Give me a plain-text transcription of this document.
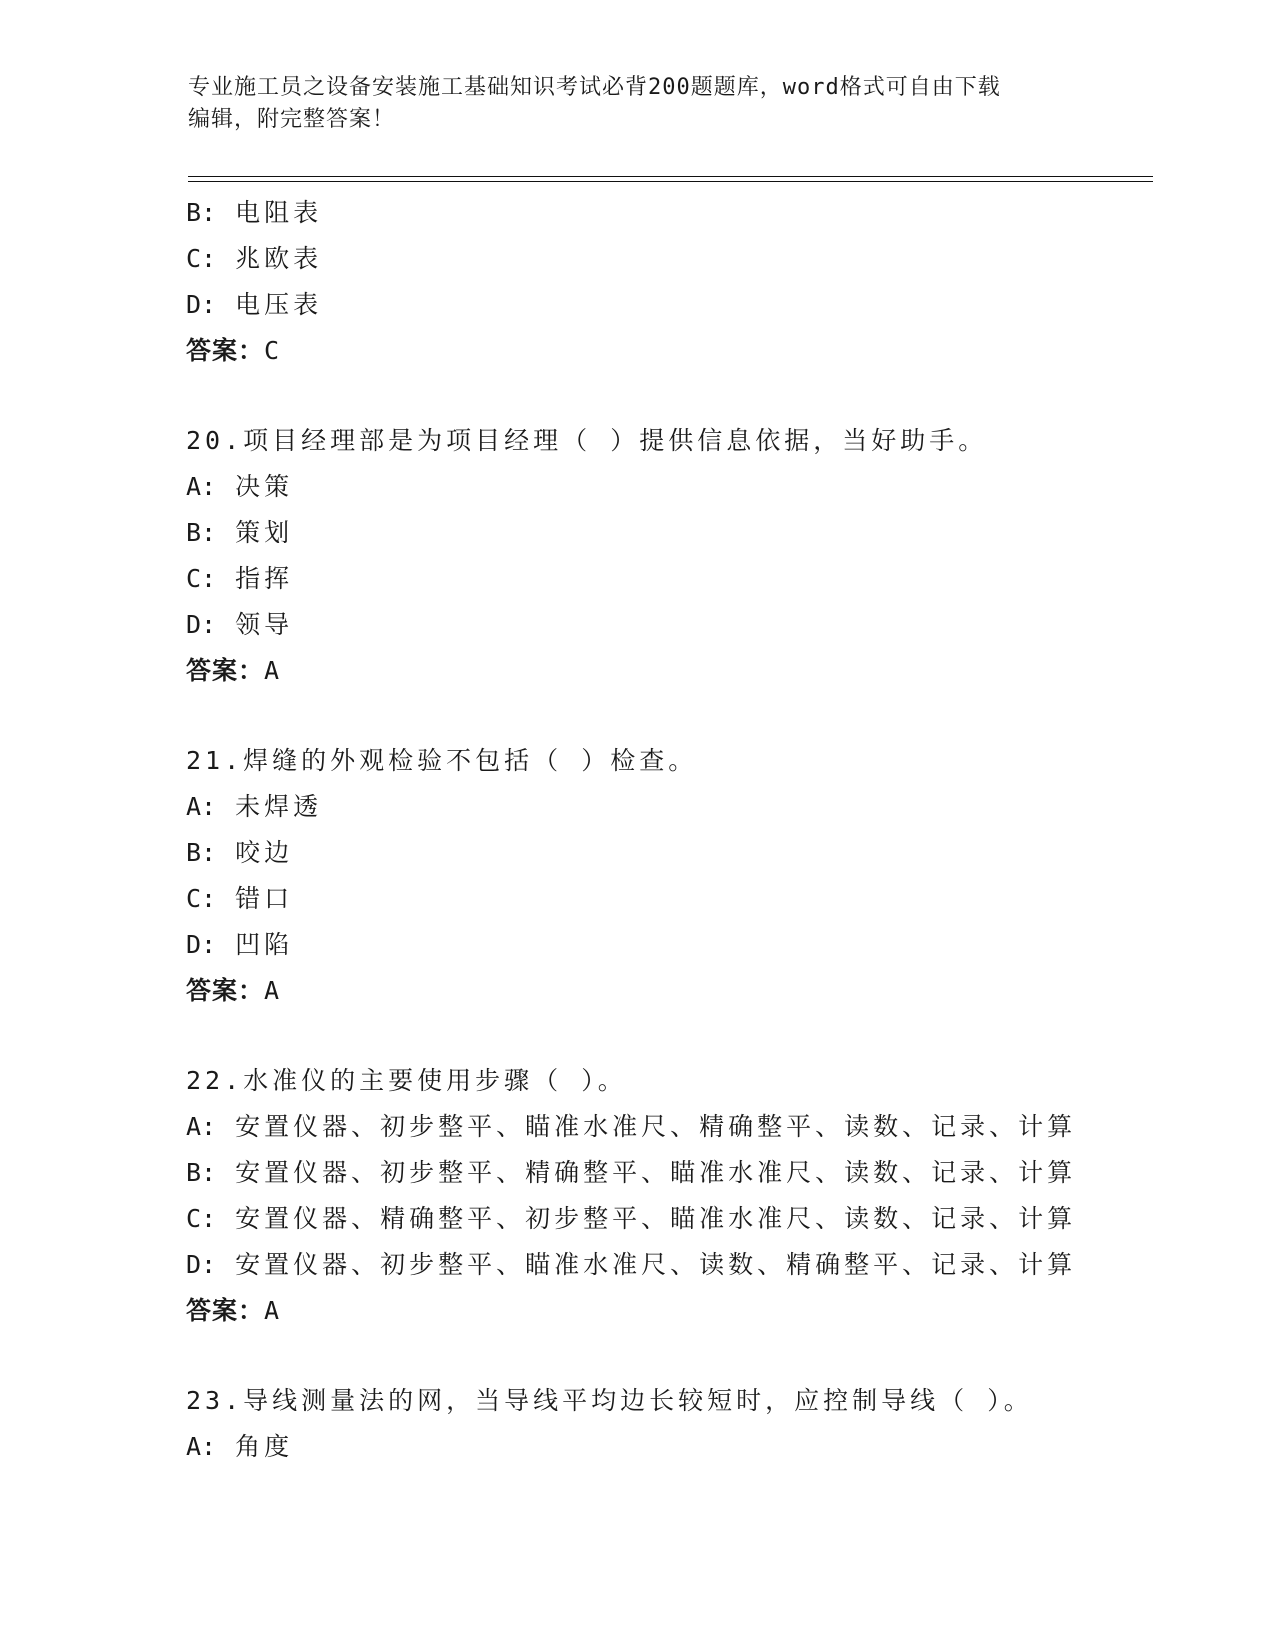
专业施工员之设备安装施工基础知识考试必背200题题库，word格式可自由下载
编辑，附完整答案！
B: 电阻表
C: 兆欧表
D: 电压表
答案：C
20.项目经理部是为项目经理（ ）提供信息依据，当好助手。
A: 决策
B: 策划
C: 指挥
D: 领导
答案：A
21.焊缝的外观检验不包括（ ）检查。
A: 未焊透
B: 咬边
C: 错口
D: 凹陷
答案：A
22.水准仪的主要使用步骤（ ）。
A: 安置仪器、初步整平、瞄准水准尺、精确整平、读数、记录、计算
B: 安置仪器、初步整平、精确整平、瞄准水准尺、读数、记录、计算
C: 安置仪器、精确整平、初步整平、瞄准水准尺、读数、记录、计算
D: 安置仪器、初步整平、瞄准水准尺、读数、精确整平、记录、计算
答案：A
23.导线测量法的网，当导线平均边长较短时，应控制导线（ ）。
A: 角度
